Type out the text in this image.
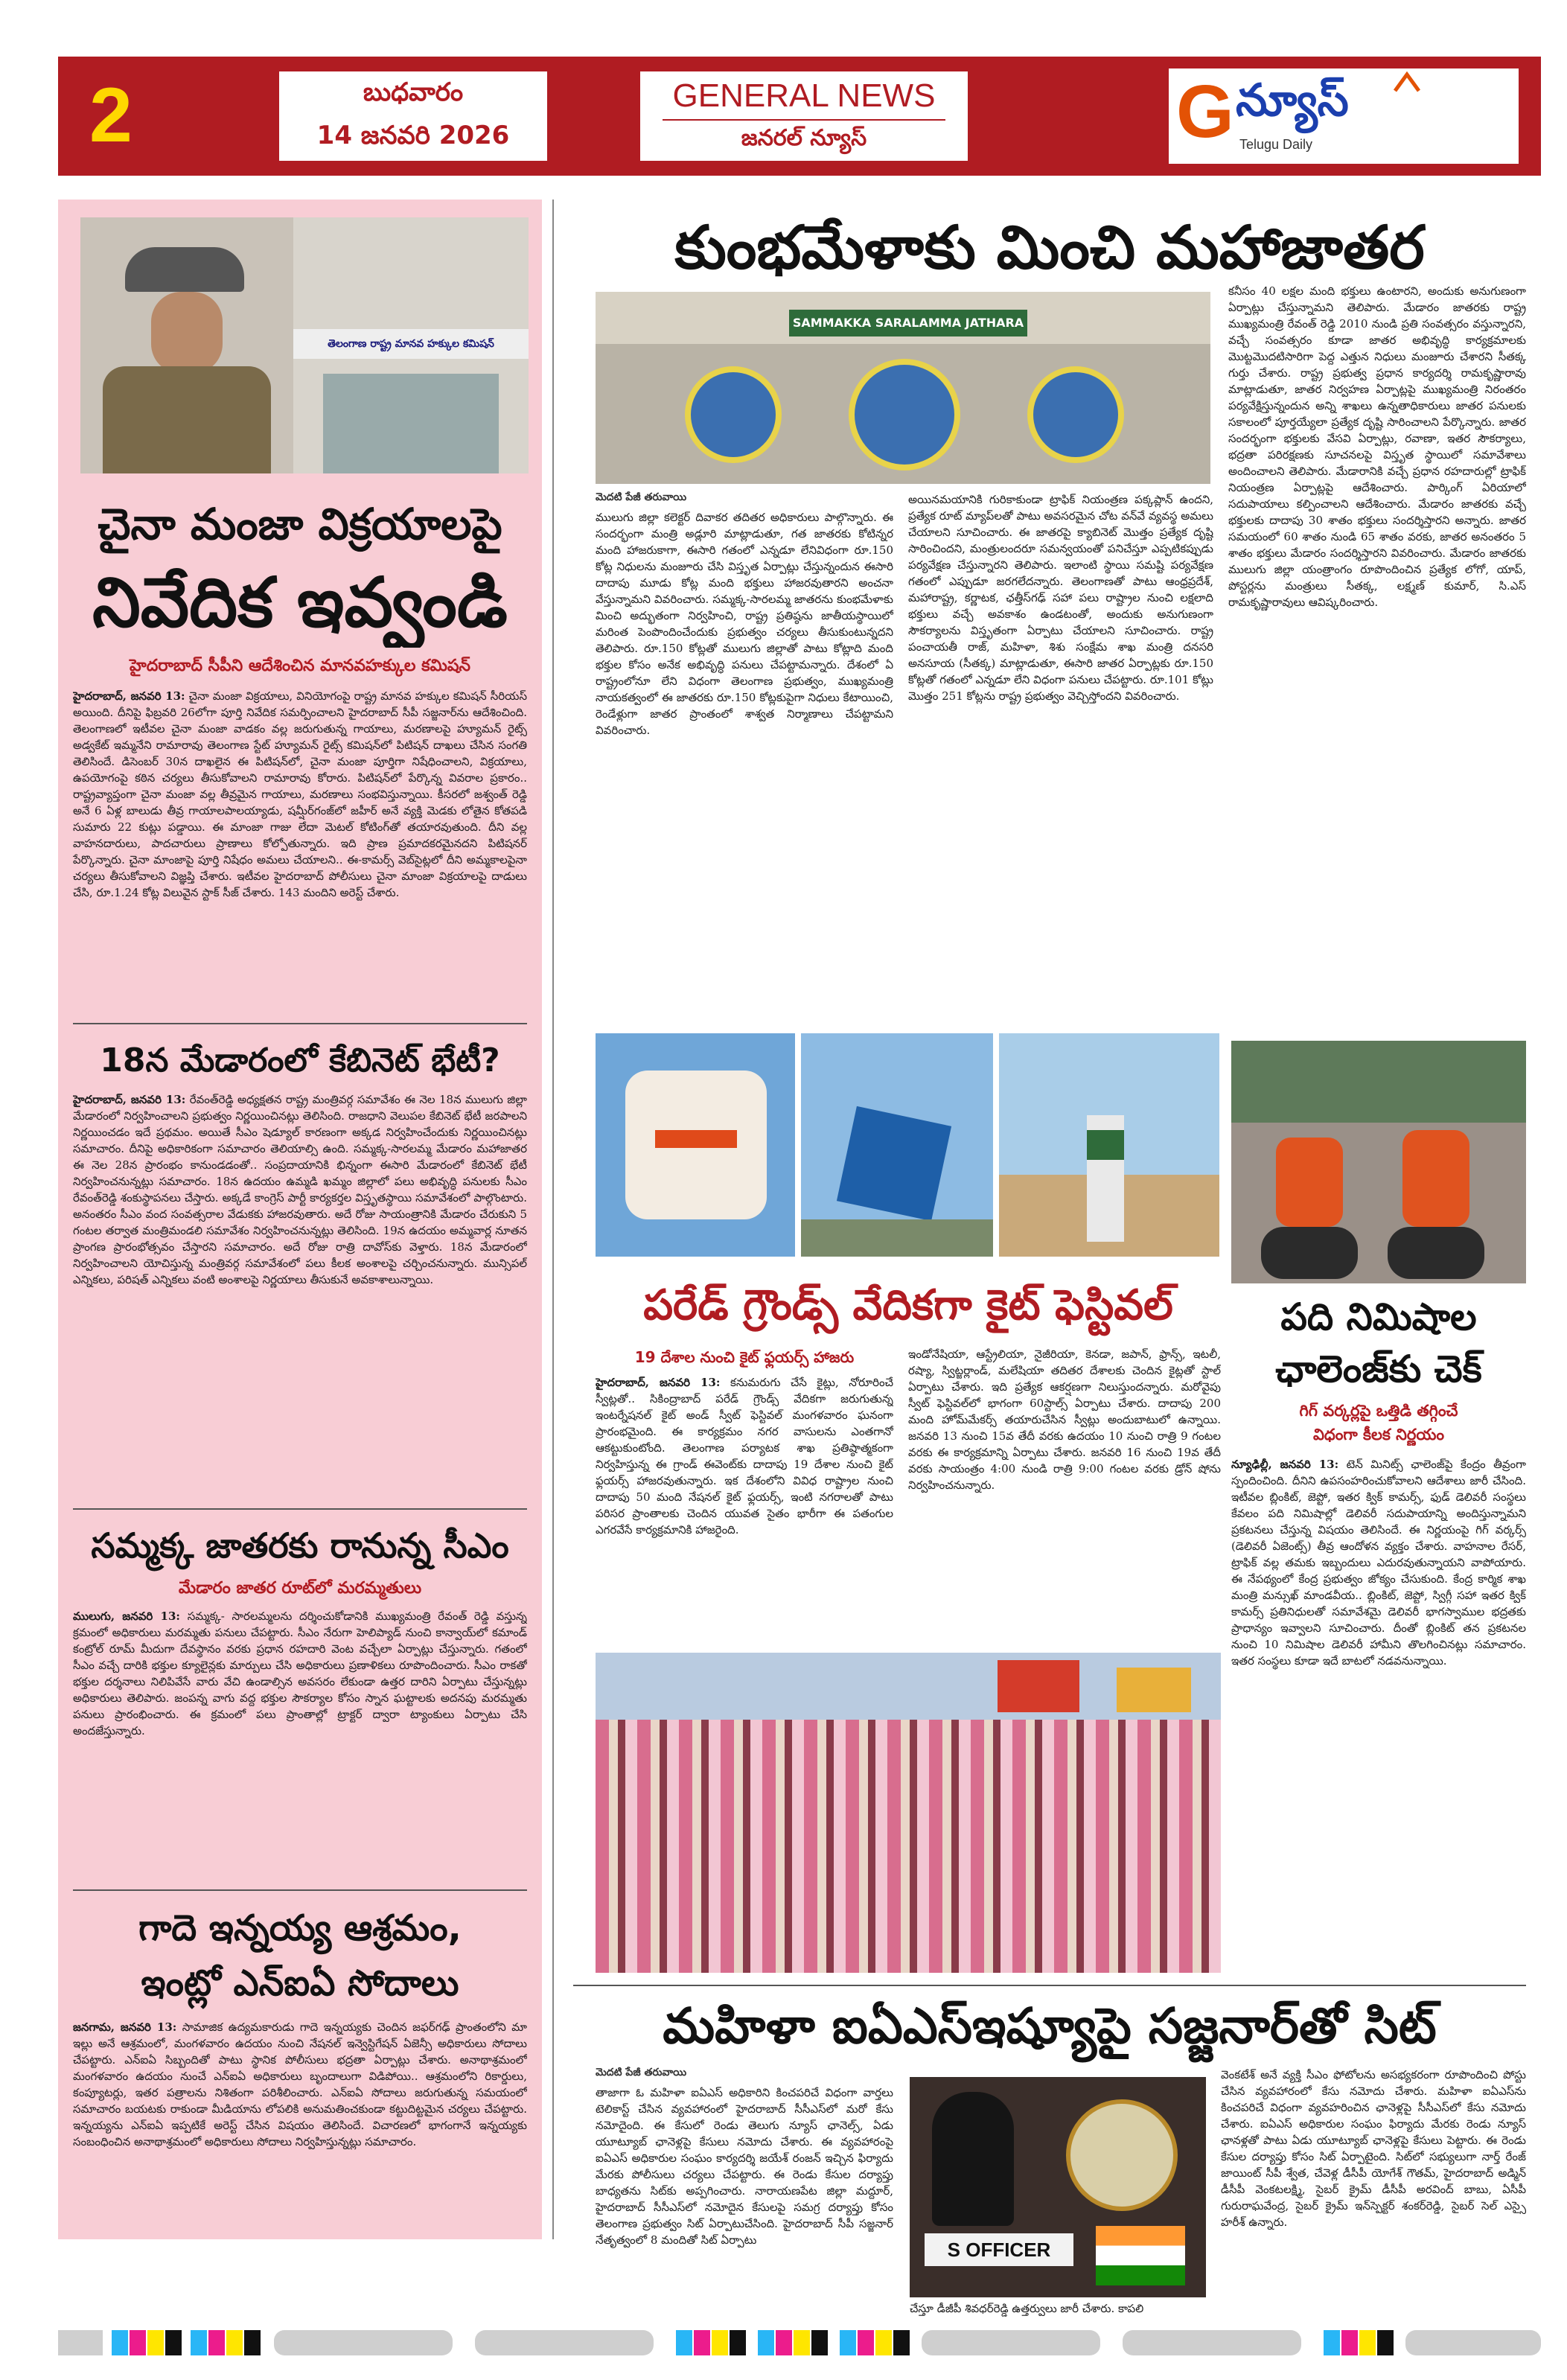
2	బుధవారం
14 జనవరి 2026
GENERAL NEWS
జనరల్ న్యూస్	G న్యూస్
Telugu Daily
తెలంగాణ రాష్ట్ర మానవ హక్కుల కమిషన్
చైనా మంజా విక్రయాలపై
నివేదిక ఇవ్వండి
హైదరాబాద్ సీపీని ఆదేశించిన మానవహక్కుల కమిషన్
హైదరాబాద్, జనవరి 13: చైనా మంజా విక్రయాలు, వినియోగంపై రాష్ట్ర మానవ హక్కుల కమిషన్ సీరియస్ అయింది. దీనిపై ఫిబ్రవరి 26లోగా పూర్తి నివేదిక సమర్పించాలని హైదరాబాద్ సీపీ సజ్జనార్‌ను ఆదేశించింది. తెలంగాణలో ఇటీవల చైనా మంజా వాడకం వల్ల జరుగుతున్న గాయాలు, మరణాలపై హ్యూమన్ రైట్స్ అడ్వకేట్ ఇమ్మనేని రామారావు తెలంగాణ స్టేట్ హ్యూమన్ రైట్స్ కమిషన్‌లో పిటిషన్ దాఖలు చేసిన సంగతి తెలిసిందే. డిసెంబర్ 30న దాఖలైన ఈ పిటిషన్‌లో, చైనా మంజా పూర్తిగా నిషేధించాలని, విక్రయాలు, ఉపయోగంపై కఠిన చర్యలు తీసుకోవాలని రామారావు కోరారు. పిటిషన్‌లో పేర్కొన్న వివరాల ప్రకారం.. రాష్ట్రవ్యాప్తంగా చైనా మంజా వల్ల తీవ్రమైన గాయాలు, మరణాలు సంభవిస్తున్నాయి. కీసరలో జశ్వంత్ రెడ్డి అనే 6 ఏళ్ల బాలుడు తీవ్ర గాయాలపాలయ్యాడు, షమ్షీర్‌గంజ్‌లో జహీర్ అనే వ్యక్తి మెడకు లోతైన కోతపడి సుమారు 22 కుట్లు పడ్డాయి. ఈ మాంజా గాజు లేదా మెటల్ కోటింగ్‌తో తయారవుతుంది. దీని వల్ల వాహనదారులు, పాదచారులు ప్రాణాలు కోల్పోతున్నారు. ఇది ప్రాణ ప్రమాదకరమైనదని పిటిషనర్ పేర్కొన్నారు. చైనా మాంజాపై పూర్తి నిషేధం అమలు చేయాలని.. ఈ-కామర్స్ వెబ్‌సైట్లలో దీని అమ్మకాలపైనా చర్యలు తీసుకోవాలని విజ్ఞప్తి చేశారు. ఇటీవల హైదరాబాద్ పోలీసులు చైనా మాంజా విక్రయాలపై దాడులు చేసి, రూ.1.24 కోట్ల విలువైన స్టాక్ సీజ్ చేశారు. 143 మందిని అరెస్ట్ చేశారు.
18న మేడారంలో కేబినెట్ భేటీ?
హైదరాబాద్, జనవరి 13: రేవంత్‌రెడ్డి అధ్యక్షతన రాష్ట్ర మంత్రివర్గ సమావేశం ఈ నెల 18న ములుగు జిల్లా మేడారంలో నిర్వహించాలని ప్రభుత్వం నిర్ణయించినట్లు తెలిసింది. రాజధాని వెలుపల కేబినెట్ భేటీ జరపాలని నిర్ణయించడం ఇదే ప్రథమం. అయితే సీఎం షెడ్యూల్ కారణంగా అక్కడ నిర్వహించేందుకు నిర్ణయించినట్లు సమాచారం. దీనిపై అధికారికంగా సమాచారం తెలియాల్సి ఉంది. సమ్మక్క-సారలమ్మ మేడారం మహాజాతర ఈ నెల 28న ప్రారంభం కానుండడంతో.. సంప్రదాయానికి భిన్నంగా ఈసారి మేడారంలో కేబినెట్ భేటీ నిర్వహించనున్నట్లు సమాచారం. 18న ఉదయం ఉమ్మడి ఖమ్మం జిల్లాలో పలు అభివృద్ధి పనులకు సీఎం రేవంత్‌రెడ్డి శంకుస్థాపనలు చేస్తారు. అక్కడే కాంగ్రెస్ పార్టీ కార్యకర్తల విస్తృతస్థాయి సమావేశంలో పాల్గొంటారు. అనంతరం సీఎం వంద సంవత్సరాల వేడుకకు హాజరవుతారు. అదే రోజు సాయంత్రానికి మేడారం చేరుకుని 5 గంటల తర్వాత మంత్రిమండలి సమావేశం నిర్వహించనున్నట్లు తెలిసింది. 19న ఉదయం అమ్మవార్ల నూతన ప్రాంగణ ప్రారంభోత్సవం చేస్తారని సమాచారం. అదే రోజు రాత్రి దావోస్‌కు వెళ్తారు. 18న మేడారంలో నిర్వహించాలని యోచిస్తున్న మంత్రివర్గ సమావేశంలో పలు కీలక అంశాలపై చర్చించనున్నారు. మున్సిపల్ ఎన్నికలు, పరిషత్ ఎన్నికలు వంటి అంశాలపై నిర్ణయాలు తీసుకునే అవకాశాలున్నాయి.
సమ్మక్క జాతరకు రానున్న సీఎం
మేడారం జాతర రూట్‌లో మరమ్మతులు
ములుగు, జనవరి 13: సమ్మక్క- సారలమ్మలను దర్శించుకోడానికి ముఖ్యమంత్రి రేవంత్ రెడ్డి వస్తున్న క్రమంలో అధికారులు మరమ్మతు పనులు చేపట్టారు. సీఎం నేరుగా హెలిప్యాడ్ నుంచి కాన్వాయ్‌లో కమాండ్ కంట్రోల్ రూమ్ మీదుగా దేవస్థానం వరకు ప్రధాన రహదారి వెంట వచ్చేలా ఏర్పాట్లు చేస్తున్నారు. గతంలో సీఎం వచ్చే దారికి భక్తుల క్యూలైన్లకు మార్పులు చేసి అధికారులు ప్రణాళికలు రూపొందించారు. సీఎం రాకతో భక్తుల దర్శనాలు నిలిపివేసే వారు వేచి ఉండాల్సిన అవసరం లేకుండా ఉత్తర దారిని ఏర్పాటు చేస్తున్నట్లు అధికారులు తెలిపారు. జంపన్న వాగు వద్ద భక్తుల సౌకర్యాల కోసం స్నాన ఘట్టాలకు అదనపు మరమ్మతు పనులు ప్రారంభించారు. ఈ క్రమంలో పలు ప్రాంతాల్లో ట్రాక్టర్ ద్వారా ట్యాంకులు ఏర్పాటు చేసి అందజేస్తున్నారు.
గాదె ఇన్నయ్య ఆశ్రమం,
ఇంట్లో ఎన్ఐఏ సోదాలు
జనగామ, జనవరి 13: సామాజిక ఉద్యమకారుడు గాదె ఇన్నయ్యకు చెందిన జఫర్‌గఢ్ ప్రాంతంలోని మా ఇల్లు అనే ఆశ్రమంలో, మంగళవారం ఉదయం నుంచి నేషనల్ ఇన్వెస్టిగేషన్ ఏజెన్సీ అధికారులు సోదాలు చేపట్టారు. ఎన్ఐఏ సిబ్బందితో పాటు స్థానిక పోలీసులు భద్రతా ఏర్పాట్లు చేశారు. అనాథాశ్రమంలో మంగళవారం ఉదయం నుంచే ఎన్ఐఏ అధికారులు బృందాలుగా విడిపోయి.. ఆశ్రమంలోని రికార్డులు, కంప్యూటర్లు, ఇతర పత్రాలను నిశితంగా పరిశీలించారు. ఎన్ఐఏ సోదాలు జరుగుతున్న సమయంలో సమాచారం బయటకు రాకుండా మీడియాను లోపలికి అనుమతించకుండా కట్టుదిట్టమైన చర్యలు చేపట్టారు. ఇన్నయ్యను ఎన్ఐఏ ఇప్పటికే అరెస్ట్ చేసిన విషయం తెలిసిందే. విచారణలో భాగంగానే ఇన్నయ్యకు సంబంధించిన అనాథాశ్రమంలో అధికారులు సోదాలు నిర్వహిస్తున్నట్లు సమాచారం.
కుంభమేళాకు మించి మహాజాతర
SAMMAKKA SARALAMMA JATHARA
మెదటి పేజీ తరువాయి
ములుగు జిల్లా కలెక్టర్ దివాకర తదితర అధికారులు పాల్గొన్నారు. ఈ సందర్భంగా మంత్రి అడ్లూరి మాట్లాడుతూ, గత జాతరకు కోటిన్నర మంది హాజరుకాగా, ఈసారి గతంలో ఎన్నడూ లేనివిధంగా రూ.150 కోట్ల నిధులను మంజూరు చేసి విస్తృత ఏర్పాట్లు చేస్తున్నందున ఈసారి దాదాపు మూడు కోట్ల మంది భక్తులు హాజరవుతారని అంచనా వేస్తున్నామని వివరించారు. సమ్మక్క-సారలమ్మ జాతరను కుంభమేళాకు మించి అద్భుతంగా నిర్వహించి, రాష్ట్ర ప్రతిష్ఠను జాతీయస్థాయిలో మరింత పెంపొందించేందుకు ప్రభుత్వం చర్యలు తీసుకుంటున్నదని తెలిపారు. రూ.150 కోట్లతో ములుగు జిల్లాతో పాటు కోట్లాది మంది భక్తుల కోసం అనేక అభివృద్ధి పనులు చేపట్టామన్నారు. దేశంలో ఏ రాష్ట్రంలోనూ లేని విధంగా తెలంగాణ ప్రభుత్వం, ముఖ్యమంత్రి నాయకత్వంలో ఈ జాతరకు రూ.150 కోట్లకుపైగా నిధులు కేటాయించి, రెండేళ్లుగా జాతర ప్రాంతంలో శాశ్వత నిర్మాణాలు చేపట్టామని వివరించారు.
అయినమయానికి గురికాకుండా ట్రాఫిక్ నియంత్రణ పక్కప్లాన్ ఉందని, ప్రత్యేక రూట్ మ్యాప్‌లతో పాటు అవసరమైన చోట వన్‌వే వ్యవస్థ అమలు చేయాలని సూచించారు. ఈ జాతరపై క్యాబినెట్ మొత్తం ప్రత్యేక దృష్టి సారించిందని, మంత్రులందరూ సమన్వయంతో పనిచేస్తూ ఎప్పటికప్పుడు పర్యవేక్షణ చేస్తున్నారని తెలిపారు. ఇలాంటి స్థాయి సమష్టి పర్యవేక్షణ గతంలో ఎప్పుడూ జరగలేదన్నారు. తెలంగాణతో పాటు ఆంధ్రప్రదేశ్, మహారాష్ట్ర, కర్ణాటక, ఛత్తీస్‌గఢ్ సహా పలు రాష్ట్రాల నుంచి లక్షలాది భక్తులు వచ్చే అవకాశం ఉండటంతో, అందుకు అనుగుణంగా సౌకర్యాలను విస్తృతంగా ఏర్పాటు చేయాలని సూచించారు. రాష్ట్ర పంచాయతీ రాజ్, మహిళా, శిశు సంక్షేమ శాఖ మంత్రి దనసరి అనసూయ (సీతక్క) మాట్లాడుతూ, ఈసారి జాతర ఏర్పాట్లకు రూ.150 కోట్లతో గతంలో ఎన్నడూ లేని విధంగా పనులు చేపట్టారు. రూ.101 కోట్లు మొత్తం 251 కోట్లను రాష్ట్ర ప్రభుత్వం వెచ్చిస్తోందని వివరించారు.
కనీసం 40 లక్షల మంది భక్తులు ఉంటారని, అందుకు అనుగుణంగా ఏర్పాట్లు చేస్తున్నామని తెలిపారు. మేడారం జాతరకు రాష్ట్ర ముఖ్యమంత్రి రేవంత్ రెడ్డి 2010 నుండి ప్రతి సంవత్సరం వస్తున్నారని, వచ్చే సంవత్సరం కూడా జాతర అభివృద్ధి కార్యక్రమాలకు మొట్టమొదటిసారిగా పెద్ద ఎత్తున నిధులు మంజూరు చేశారని సీతక్క గుర్తు చేశారు. రాష్ట్ర ప్రభుత్వ ప్రధాన కార్యదర్శి రామకృష్ణారావు మాట్లాడుతూ, జాతర నిర్వహణ ఏర్పాట్లపై ముఖ్యమంత్రి నిరంతరం పర్యవేక్షిస్తున్నందున అన్ని శాఖలు ఉన్నతాధికారులు జాతర పనులకు సకాలంలో పూర్తయ్యేలా ప్రత్యేక దృష్టి సారించాలని పేర్కొన్నారు. జాతర సందర్భంగా భక్తులకు వేసవి ఏర్పాట్లు, రవాణా, ఇతర సౌకర్యాలు, భద్రతా పరిరక్షణకు సూచనలపై విస్తృత స్థాయిలో సమావేశాలు అందించాలని తెలిపారు. మేడారానికి వచ్చే ప్రధాన రహదారుల్లో ట్రాఫిక్ నియంత్రణ ఏర్పాట్లపై ఆదేశించారు. పార్కింగ్ ఏరియాలో సదుపాయాలు కల్పించాలని ఆదేశించారు. మేడారం జాతరకు వచ్చే భక్తులకు దాదాపు 30 శాతం భక్తులు సందర్శిస్తారని అన్నారు. జాతర సమయంలో 60 శాతం నుండి 65 శాతం వరకు, జాతర అనంతరం 5 శాతం భక్తులు మేడారం సందర్శిస్తారని వివరించారు. మేడారం జాతరకు ములుగు జిల్లా యంత్రాంగం రూపొందించిన ప్రత్యేక లోగో, యాప్, పోస్టర్లను మంత్రులు సీతక్క, లక్ష్మణ్ కుమార్, సి.ఎస్ రామకృష్ణారావులు ఆవిష్కరించారు.
పరేడ్ గ్రౌండ్స్ వేదికగా కైట్ ఫెస్టివల్
19 దేశాల నుంచి కైట్ ఫ్లయర్స్ హాజరు
హైదరాబాద్, జనవరి 13: కనుమరుగు చేసే కైట్లు, నోరూరించే స్వీట్లతో.. సికింద్రాబాద్ పరేడ్ గ్రౌండ్స్ వేదికగా జరుగుతున్న ఇంటర్నేషనల్ కైట్ అండ్ స్వీట్ ఫెస్టివల్ మంగళవారం ఘనంగా ప్రారంభమైంది. ఈ కార్యక్రమం నగర వాసులను ఎంతగానో ఆకట్టుకుంటోంది. తెలంగాణ పర్యాటక శాఖ ప్రతిష్ఠాత్మకంగా నిర్వహిస్తున్న ఈ గ్రాండ్ ఈవెంట్‌కు దాదాపు 19 దేశాల నుంచి కైట్ ఫ్లయర్స్ హాజరవుతున్నారు. ఇక దేశంలోని వివిధ రాష్ట్రాల నుంచి దాదాపు 50 మంది నేషనల్ కైట్ ఫ్లయర్స్, ఇంటి నగరాలతో పాటు పరిసర ప్రాంతాలకు చెందిన యువత సైతం భారీగా ఈ పతంగుల ఎగరవేసే కార్యక్రమానికి హాజరైంది.
ఇండోనేషియా, ఆస్ట్రేలియా, నైజీరియా, కెనడా, జపాన్, ఫ్రాన్స్, ఇటలీ, రష్యా, స్విట్జర్లాండ్, మలేషియా తదితర దేశాలకు చెందిన కైట్లతో స్టాల్ ఏర్పాటు చేశారు. ఇది ప్రత్యేక ఆకర్షణగా నిలుస్తుందన్నారు. మరోవైపు స్వీట్ ఫెస్టివల్‌లో భాగంగా 60స్టాల్స్ ఏర్పాటు చేశారు. దాదాపు 200 మంది హోమ్‌మేకర్స్ తయారుచేసిన స్వీట్లు అందుబాటులో ఉన్నాయి. జనవరి 13 నుంచి 15వ తేదీ వరకు ఉదయం 10 నుంచి రాత్రి 9 గంటల వరకు ఈ కార్యక్రమాన్ని ఏర్పాటు చేశారు. జనవరి 16 నుంచి 19వ తేదీ వరకు సాయంత్రం 4:00 నుండి రాత్రి 9:00 గంటల వరకు డ్రోన్ షోను నిర్వహించనున్నారు.
పది నిమిషాల
ఛాలెంజ్‌కు చెక్
గిగ్ వర్కర్లపై ఒత్తిడి తగ్గించే
విధంగా కీలక నిర్ణయం
న్యూఢిల్లీ, జనవరి 13: టెన్ మినిట్స్ ఛాలెంజ్‌పై కేంద్రం తీవ్రంగా స్పందించింది. దీనిని ఉపసంహరించుకోవాలని ఆదేశాలు జారీ చేసింది. ఇటీవల బ్లింకిట్, జెప్టో, ఇతర క్విక్ కామర్స్, ఫుడ్ డెలివరీ సంస్థలు కేవలం పది నిమిషాల్లో డెలివరీ సదుపాయాన్ని అందిస్తున్నామని ప్రకటనలు చేస్తున్న విషయం తెలిసిందే. ఈ నిర్ణయంపై గిగ్ వర్కర్స్ (డెలివరీ ఏజెంట్స్) తీవ్ర ఆందోళన వ్యక్తం చేశారు. వాహనాల రేసర్, ట్రాఫిక్ వల్ల తమకు ఇబ్బందులు ఎదురవుతున్నాయని వాపోయారు. ఈ నేపథ్యంలో కేంద్ర ప్రభుత్వం జోక్యం చేసుకుంది. కేంద్ర కార్మిక శాఖ మంత్రి మన్సుఖ్ మాండవీయ.. బ్లింకిట్, జెప్టో, స్విగ్గీ సహా ఇతర క్విక్ కామర్స్ ప్రతినిధులతో సమావేశమై డెలివరీ భాగస్వాముల భద్రతకు ప్రాధాన్యం ఇవ్వాలని సూచించారు. దీంతో బ్లింకిట్ తన ప్రకటనల నుంచి 10 నిమిషాల డెలివరీ హామీని తొలగించినట్లు సమాచారం. ఇతర సంస్థలు కూడా ఇదే బాటలో నడవనున్నాయి.
మహిళా ఐఏఎస్‌ఇష్యూపై సజ్జనార్‌తో సిట్
మెదటి పేజీ తరువాయి
తాజాగా ఓ మహిళా ఐఏఎస్ అధికారిని కించపరిచే విధంగా వార్తలు టెలికాస్ట్ చేసిన వ్యవహారంలో హైదరాబాద్ సీసీఎస్‌లో మరో కేసు నమోదైంది. ఈ కేసులో రెండు తెలుగు న్యూస్ ఛానెల్స్, ఏడు యూట్యూబ్ ఛానెళ్లపై కేసులు నమోదు చేశారు. ఈ వ్యవహారంపై ఐఏఎస్ అధికారుల సంఘం కార్యదర్శి జయేశ్ రంజన్ ఇచ్చిన ఫిర్యాదు మేరకు పోలీసులు చర్యలు చేపట్టారు. ఈ రెండు కేసుల దర్యాప్తు బాధ్యతను సిట్‌కు అప్పగించారు. నారాయణపేట జిల్లా మద్దూర్, హైదరాబాద్ సీసీఎస్‌లో నమోదైన కేసులపై సమగ్ర దర్యాప్తు కోసం తెలంగాణ ప్రభుత్వం సిట్ ఏర్పాటుచేసింది. హైదరాబాద్ సీపీ సజ్జనార్ నేతృత్వంలో 8 మందితో సిట్ ఏర్పాటు	S OFFICER
చేస్తూ డీజీపీ శివధర్‌రెడ్డి ఉత్తర్వులు జారీ చేశారు. కాపలి
వెంకటేశ్ అనే వ్యక్తి సీఎం ఫోటోలను అసభ్యకరంగా రూపొందించి పోస్టు చేసిన వ్యవహారంలో కేసు నమోదు చేశారు. మహిళా ఐఏఎస్‌ను కించపరిచే విధంగా వ్యవహరించిన ఛానెళ్లపై సీసీఎస్‌లో కేసు నమోదు చేశారు. ఐఏఎస్ అధికారుల సంఘం ఫిర్యాదు మేరకు రెండు న్యూస్ ఛానళ్లతో పాటు ఏడు యూట్యూబ్ ఛానెళ్లపై కేసులు పెట్టారు. ఈ రెండు కేసుల దర్యాప్తు కోసం సిట్ ఏర్పాటైంది. సిట్‌లో సభ్యులుగా నార్త్ రేంజ్ జాయింట్ సీపీ శ్వేత, చేవెళ్ల డీసీపీ యోగేశ్ గౌతమ్, హైదరాబాద్ అడ్మిన్ డీసీపీ వెంకటలక్ష్మి, సైబర్ క్రైమ్ డీసీపీ అరవింద్ బాబు, ఏసీపీ గురురాఘవేంద్ర, సైబర్ క్రైమ్ ఇన్‌స్పెక్టర్ శంకర్‌రెడ్డి, సైబర్ సెల్ ఎస్సై హరీశ్ ఉన్నారు.
